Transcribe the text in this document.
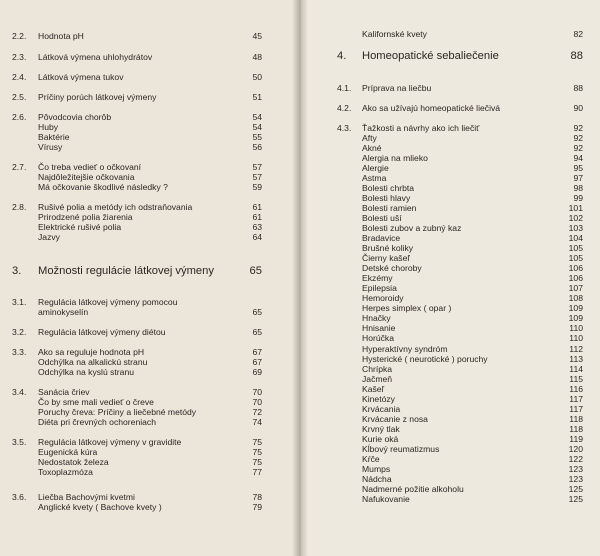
2.2. Hodnota pH	45
2.3. Látková výmena uhlohydrátov	48
2.4. Látková výmena tukov	50
2.5. Príčiny porúch látkovej výmeny	51
2.6. Pôvodcovia chorôb	54
Huby	54
Baktérie	55
Vírusy	56
2.7. Čo treba vedieť o očkovaní	57
Najdôležitejšie očkovania	57
Má očkovanie škodlivé následky ?	59
2.8. Rušivé polia a metódy ich odstraňovania	61
Prirodzené polia žiarenia	61
Elektrické rušivé polia	63
Jazvy	64
3. Možnosti regulácie látkovej výmeny	65
3.1. Regulácia látkovej výmeny pomocou
aminokyselín	65
3.2. Regulácia látkovej výmeny diétou	65
3.3. Ako sa reguluje hodnota pH	67
Odchýlka na alkalickú stranu	67
Odchýlka na kyslú stranu	69
3.4. Sanácia čriev	70
Čo by sme mali vedieť o čreve	70
Poruchy čreva: Príčiny a liečebné metódy	72
Diéta pri črevných ochoreniach	74
3.5. Regulácia látkovej výmeny v gravidite	75
Eugenická kúra	75
Nedostatok železa	75
Toxoplazmóza	77
3.6. Liečba Bachovými kvetmi	78
Anglické kvety ( Bachove kvety )	79
Kalifornské kvety	82
4. Homeopatické sebaliečenie	88
4.1. Príprava na liečbu	88
4.2. Ako sa užívajú homeopatické liečivá	90
4.3. Ťažkosti a návrhy ako ich liečiť	92
Afty	92
Akné	92
Alergia na mlieko	94
Alergie	95
Astma	97
Bolesti chrbta	98
Bolesti hlavy	99
Bolesti ramien	101
Bolesti uší	102
Bolesti zubov a zubný kaz	103
Bradavice	104
Brušné koliky	105
Čierny kašeľ	105
Detské choroby	106
Ekzémy	106
Epilepsia	107
Hemoroidy	108
Herpes simplex ( opar )	109
Hnačky	109
Hnisanie	110
Horúčka	110
Hyperaktívny syndróm	112
Hysterické ( neurotické ) poruchy	113
Chrípka	114
Jačmeň	115
Kašeľ	116
Kinetózy	117
Krvácania	117
Krvácanie z nosa	118
Krvný tlak	118
Kurie oká	119
Kĺbový reumatizmus	120
Kŕče	122
Mumps	123
Nádcha	123
Nadmerné požitie alkoholu	125
Nafukovanie	125
